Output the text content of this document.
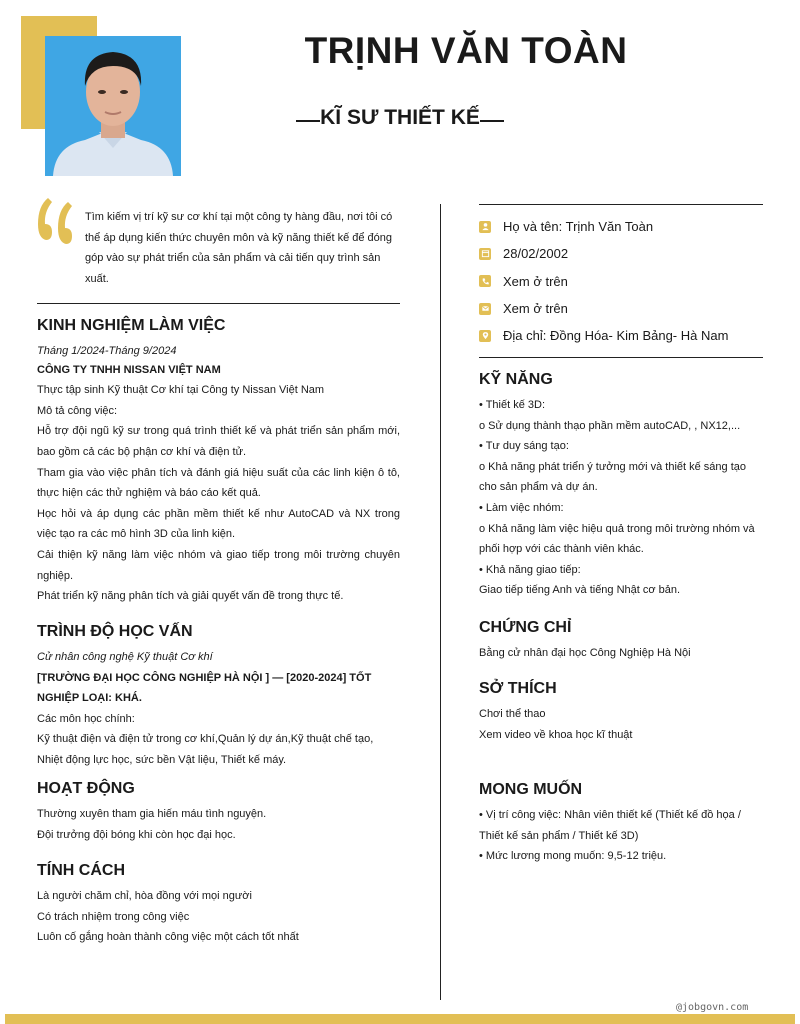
TRỊNH VĂN TOÀN
KĨ SƯ THIẾT KẾ
Tìm kiếm vị trí kỹ sư cơ khí tại một công ty hàng đầu, nơi tôi có thể áp dụng kiến thức chuyên môn và kỹ năng thiết kế để đóng góp vào sự phát triển của sản phẩm và cải tiến quy trình sản xuất.
KINH NGHIỆM LÀM VIỆC

Tháng 1/2024-Tháng 9/2024

CÔNG TY TNHH NISSAN VIỆT NAM

Thực tập sinh Kỹ thuật Cơ khí tại Công ty Nissan Việt Nam

Mô tả công việc:

Hỗ trợ đội ngũ kỹ sư trong quá trình thiết kế và phát triển sản phẩm mới, bao gồm cả các bộ phận cơ khí và điện tử.

Tham gia vào việc phân tích và đánh giá hiệu suất của các linh kiện ô tô, thực hiện các thử nghiệm và báo cáo kết quả.

Học hỏi và áp dụng các phần mềm thiết kế như AutoCAD và NX trong việc tạo ra các mô hình 3D của linh kiện.

Cải thiện kỹ năng làm việc nhóm và giao tiếp trong môi trường chuyên nghiệp.

Phát triển kỹ năng phân tích và giải quyết vấn đề trong thực tế.

TRÌNH ĐỘ HỌC VẤN

Cử nhân công nghệ Kỹ thuật Cơ khí

[TRƯỜNG ĐẠI HỌC CÔNG NGHIỆP HÀ NỘI ] — [2020-2024] TỐT NGHIỆP LOẠI: KHÁ.

Các môn học chính:

Kỹ thuật điện và điện tử trong cơ khí,Quản lý dự án,Kỹ thuật chế tạo, Nhiệt động lực học, sức bền Vật liệu, Thiết kế máy.

HOẠT ĐỘNG

Thường xuyên tham gia hiến máu tình nguyện.

Đội trưởng đội bóng khi còn học đại học.

TÍNH CÁCH

Là người chăm chỉ, hòa đồng với mọi người

Có trách nhiệm trong công việc

Luôn cố gắng hoàn thành công việc một cách tốt nhất

Họ và tên: Trịnh Văn Toàn
28/02/2002
Xem ở trên
Xem ở trên
Địa chỉ: Đồng Hóa- Kim Bảng- Hà Nam
KỸ NĂNG

• Thiết kế 3D:

o Sử dụng thành thạo phần mềm autoCAD, , NX12,...

• Tư duy sáng tạo:

o Khả năng phát triển ý tưởng mới và thiết kế sáng tạo cho sản phẩm và dự án.

• Làm việc nhóm:

o Khả năng làm việc hiệu quả trong môi trường nhóm và phối hợp với các thành viên khác.

• Khả năng giao tiếp:

Giao tiếp tiếng Anh và tiếng Nhật cơ bản.

CHỨNG CHỈ

Bằng cử nhân đại học Công Nghiệp Hà Nội

SỞ THÍCH

Chơi thể thao

Xem video về khoa học kĩ thuật

MONG MUỐN

• Vị trí công việc: Nhân viên thiết kế (Thiết kế đồ họa / Thiết kế sản phẩm / Thiết kế 3D)

• Mức lương mong muốn: 9,5-12 triệu.

@jobgovn.com
